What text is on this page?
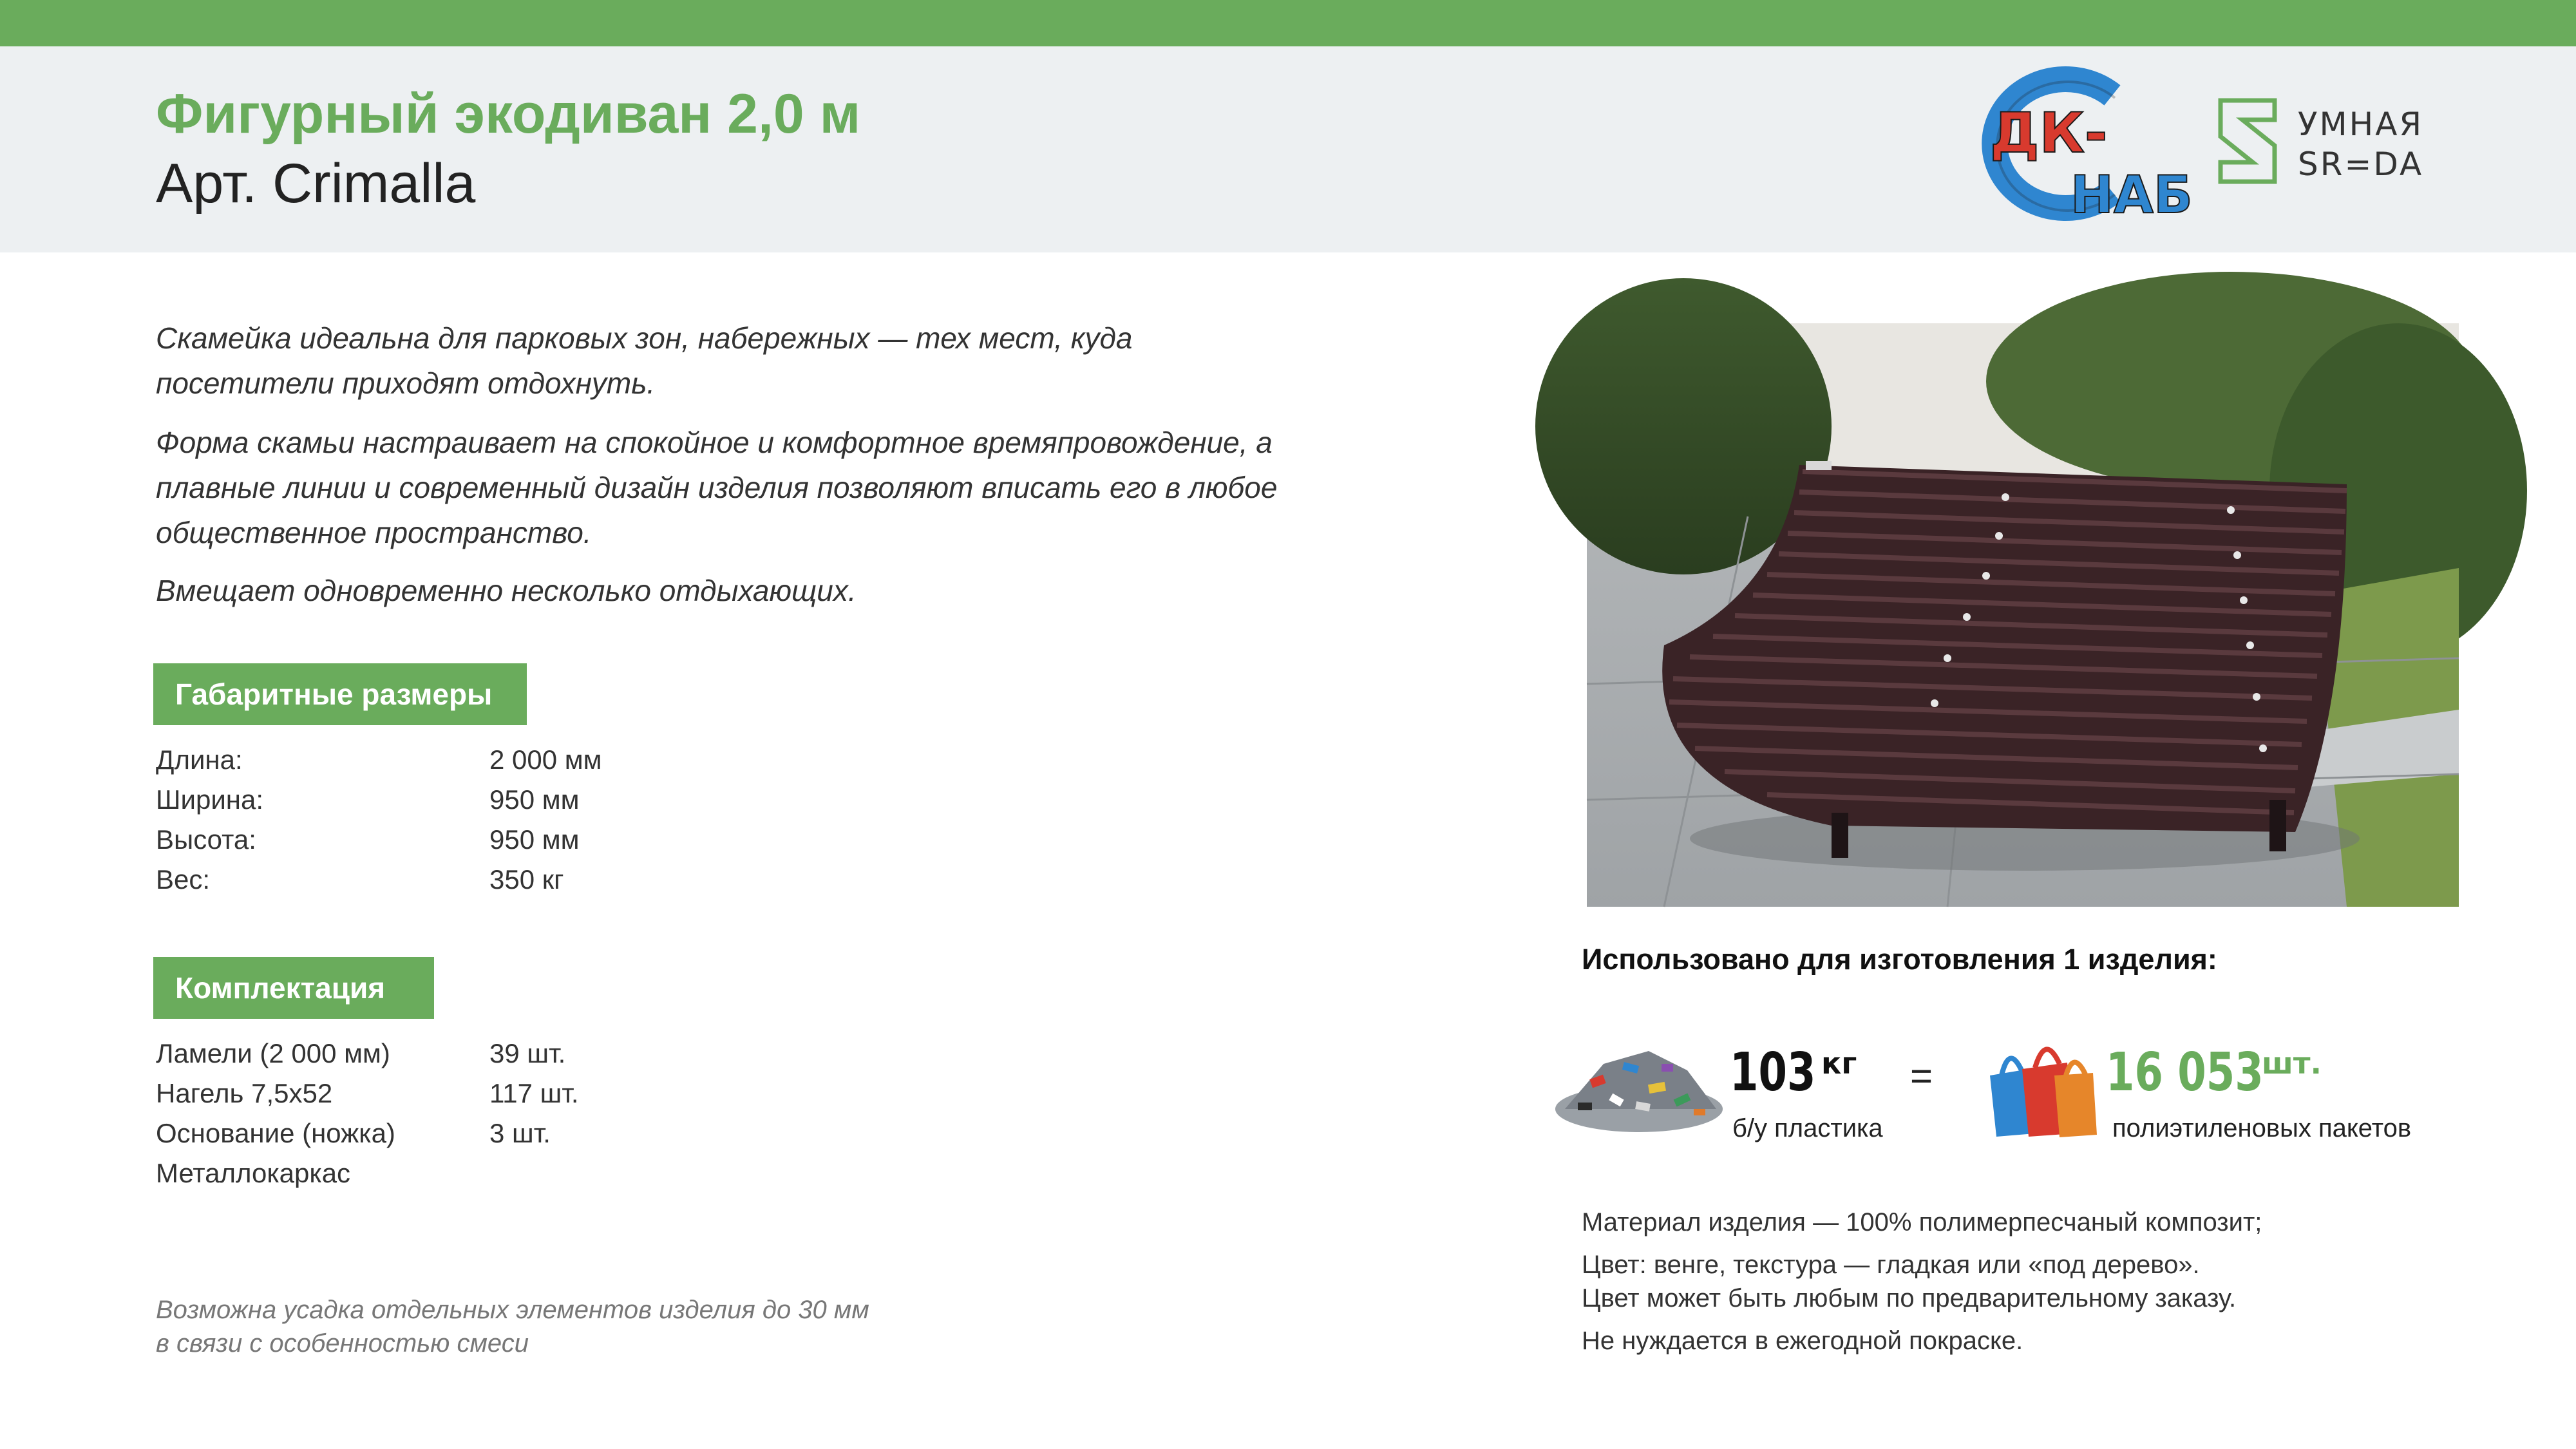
Фигурный экодиван 2,0 м
Арт. Crimalla
ДК-
НАБ
УМНАЯ
SR=DA

Скамейка идеальна для парковых зон, набережных — тех мест, куда посетители приходят отдохнуть.

Форма скамьи настраивает на спокойное и комфортное времяпровождение, а плавные линии и современный дизайн изделия позволяют вписать его в любое общественное пространство.

Вмещает одновременно несколько отдыхающих.

Габаритные размеры
Длина:	2 000 мм
Ширина:	950 мм
Высота:	950 мм
Вес:	350 кг
Комплектация
Ламели (2 000 мм)	39 шт.
Нагель 7,5х52	117 шт.
Основание (ножка)	3 шт.
Металлокаркас
Использовано для изготовления 1 изделия:
103 кг =	16 053
шт.
б/у пластика	полиэтиленовых пакетов
Материал изделия — 100% полимерпесчаный композит;
Цвет: венге, текстура — гладкая или «под дерево».
Цвет может быть любым по предварительному заказу.
Не нуждается в ежегодной покраске.
Возможна усадка отдельных элементов изделия до 30 мм
в связи с особенностью смеси
